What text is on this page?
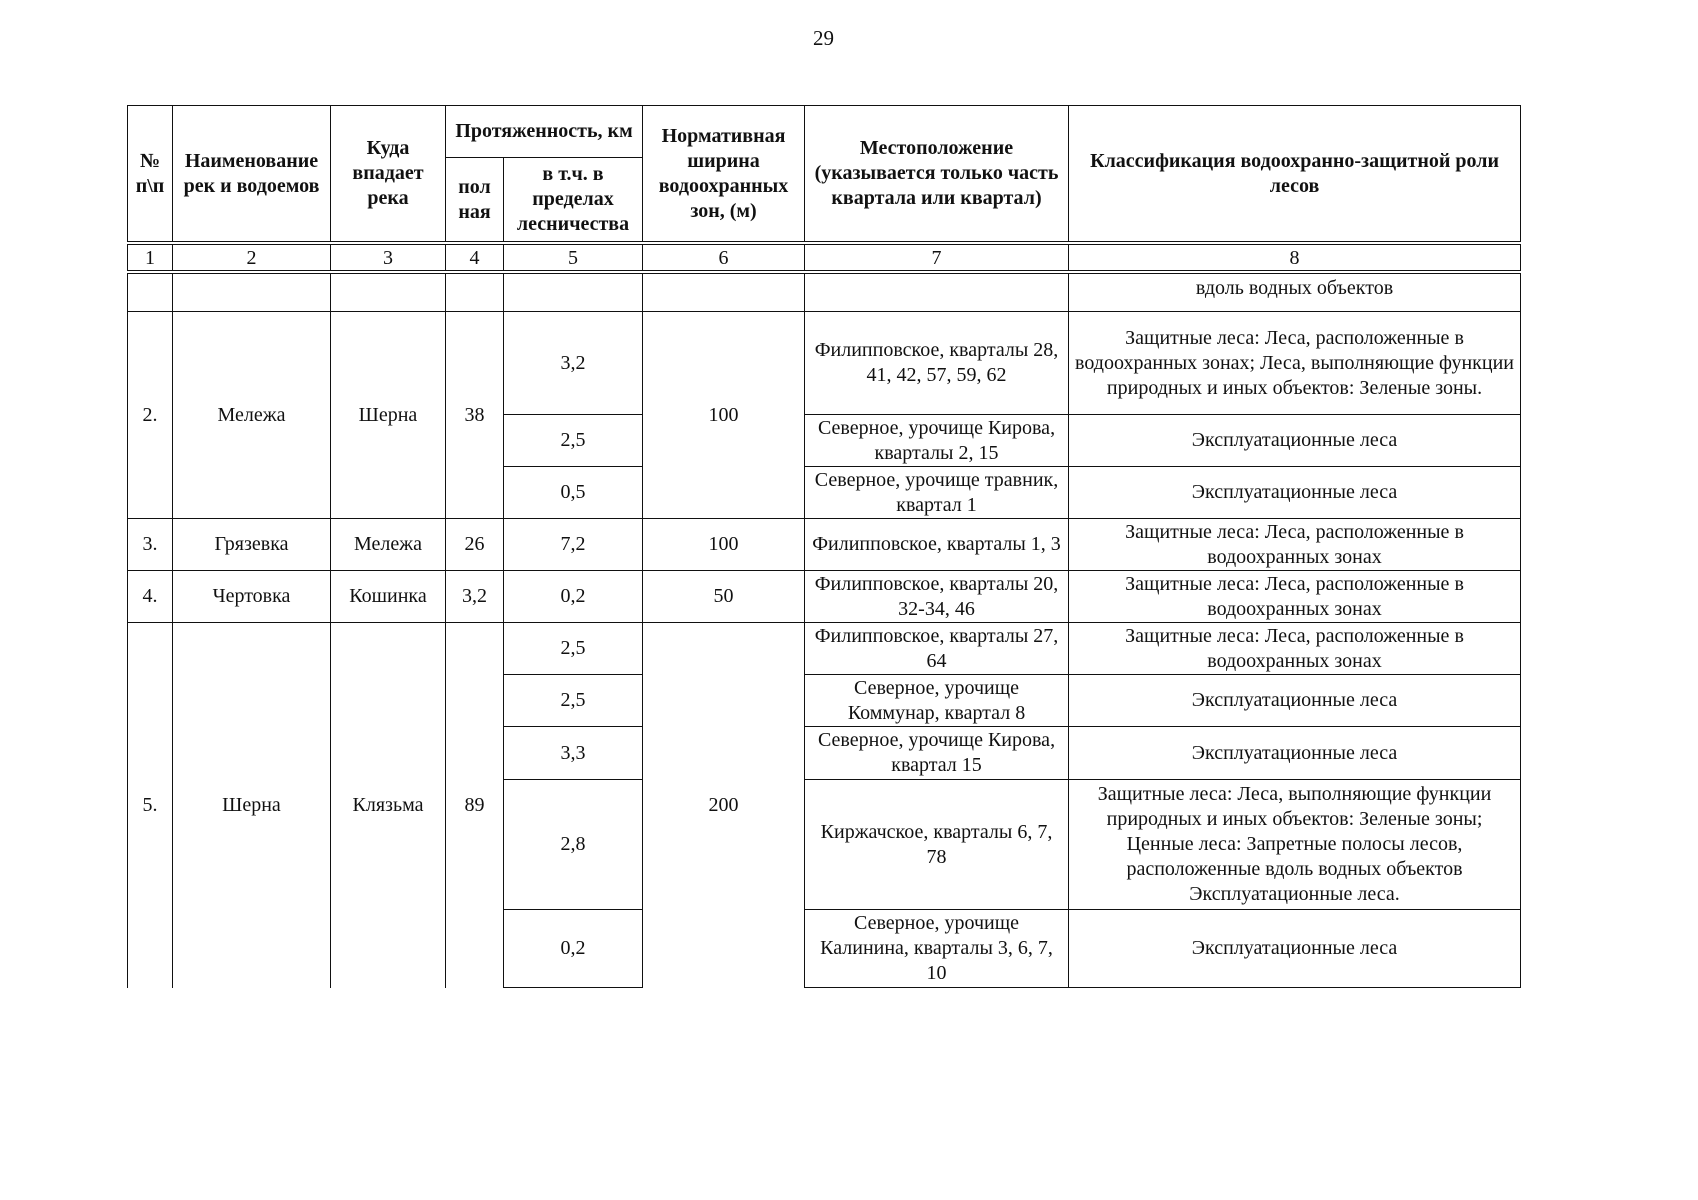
29
№ п\п	Наименование рек и водоемов	Куда впадает река	Протяженность, км		Нормативная ширина водоохранных зон, (м)	Местоположение (указывается только часть квартала или квартал)	Классификация водоохранно-защитной роли лесов
			пол ная	в т.ч. в пределах лесничества			
1	2	3	4	5	6	7	8
							вдоль водных объектов
2.	Мележа	Шерна	38	3,2	100	Филипповское, кварталы 28, 41, 42, 57, 59, 62	Защитные леса: Леса, расположенные в водоохранных зонах; Леса, выполняющие функции природных и иных объектов: Зеленые зоны.
				2,5		Северное, урочище Кирова, кварталы 2, 15	Эксплуатационные леса
				0,5		Северное, урочище травник, квартал 1	Эксплуатационные леса
3.	Грязевка	Мележа	26	7,2	100	Филипповское, кварталы 1, 3	Защитные леса: Леса, расположенные в водоохранных зонах
4.	Чертовка	Кошинка	3,2	0,2	50	Филипповское, кварталы 20, 32-34, 46	Защитные леса: Леса, расположенные в водоохранных зонах
5.	Шерна	Клязьма	89	2,5	200	Филипповское, кварталы 27, 64	Защитные леса: Леса, расположенные в водоохранных зонах
				2,5		Северное, урочище Коммунар, квартал 8	Эксплуатационные леса
				3,3		Северное, урочище Кирова, квартал 15	Эксплуатационные леса
				2,8		Киржачское, кварталы 6, 7, 78	Защитные леса: Леса, выполняющие функции природных и иных объектов: Зеленые зоны; Ценные леса: Запретные полосы лесов, расположенные вдоль водных объектов Эксплуатационные леса.
				0,2		Северное, урочище Калинина, кварталы 3, 6, 7, 10	Эксплуатационные леса
